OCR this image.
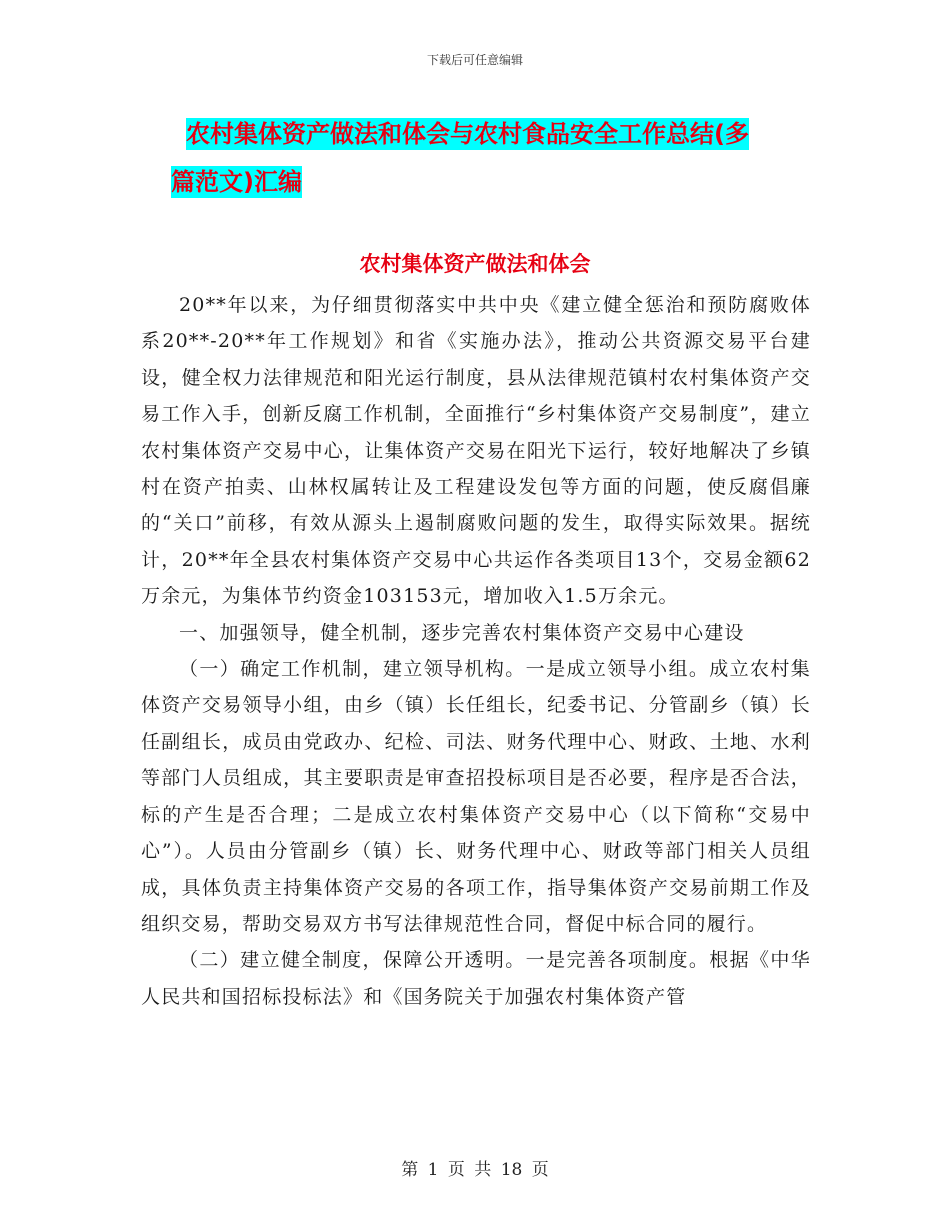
下载后可任意编辑
农村集体资产做法和体会与农村食品安全工作总结(多
篇范文)汇编
农村集体资产做法和体会

20**年以来，为仔细贯彻落实中共中央《建立健全惩治和预防腐败体系20**-20**年工作规划》和省《实施办法》，推动公共资源交易平台建设，健全权力法律规范和阳光运行制度，县从法律规范镇村农村集体资产交易工作入手，创新反腐工作机制，全面推行“乡村集体资产交易制度”，建立农村集体资产交易中心，让集体资产交易在阳光下运行，较好地解决了乡镇村在资产拍卖、山林权属转让及工程建设发包等方面的问题，使反腐倡廉的“关口”前移，有效从源头上遏制腐败问题的发生，取得实际效果。据统计，20**年全县农村集体资产交易中心共运作各类项目13个，交易金额62万余元，为集体节约资金103153元，增加收入1.5万余元。

一、加强领导，健全机制，逐步完善农村集体资产交易中心建设

（一）确定工作机制，建立领导机构。一是成立领导小组。成立农村集体资产交易领导小组，由乡（镇）长任组长，纪委书记、分管副乡（镇）长任副组长，成员由党政办、纪检、司法、财务代理中心、财政、土地、水利等部门人员组成，其主要职责是审查招投标项目是否必要，程序是否合法，标的产生是否合理；二是成立农村集体资产交易中心（以下简称“交易中心”）。人员由分管副乡（镇）长、财务代理中心、财政等部门相关人员组成，具体负责主持集体资产交易的各项工作，指导集体资产交易前期工作及组织交易，帮助交易双方书写法律规范性合同，督促中标合同的履行。

（二）建立健全制度，保障公开透明。一是完善各项制度。根据《中华人民共和国招标投标法》和《国务院关于加强农村集体资产管

第 1 页 共 18 页
